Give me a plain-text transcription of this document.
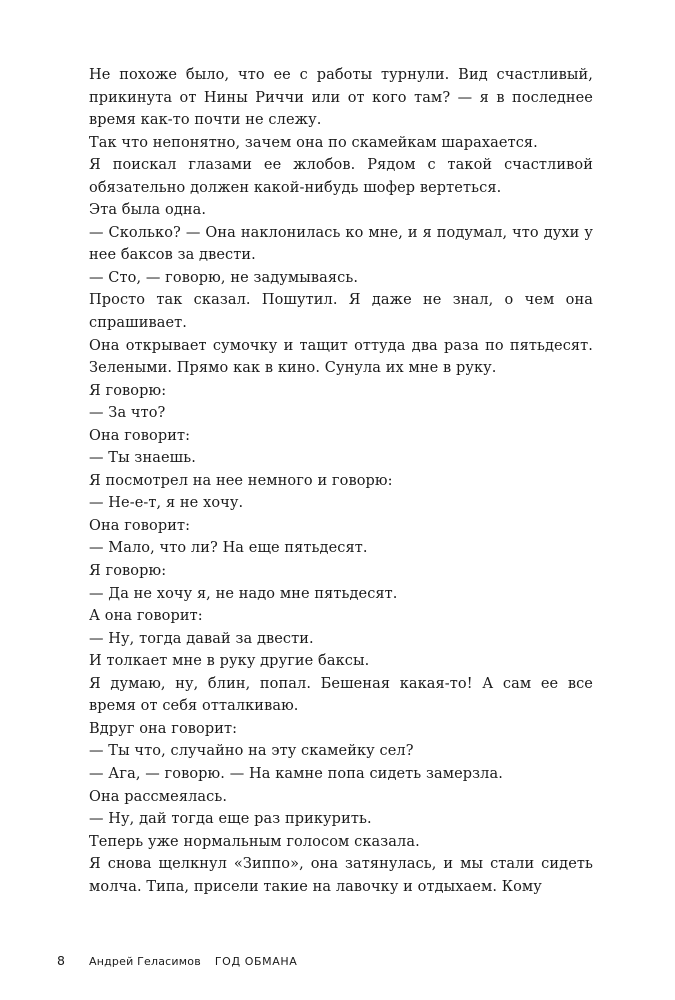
Не похоже было, что ее с работы турнули. Вид счастливый, прикинута от Нины Риччи или от кого там? — я в последнее время как-то почти не слежу.

Так что непонятно, зачем она по скамейкам шарахается.

Я поискал глазами ее жлобов. Рядом с такой счастливой обязательно должен какой-нибудь шофер вертеться.

Эта была одна.

— Сколько? — Она наклонилась ко мне, и я подумал, что духи у нее баксов за двести.

— Сто, — говорю, не задумываясь.

Просто так сказал. Пошутил. Я даже не знал, о чем она спрашивает.

Она открывает сумочку и тащит оттуда два раза по пятьдесят. Зелеными. Прямо как в кино. Сунула их мне в руку.

Я говорю:

— За что?

Она говорит:

— Ты знаешь.

Я посмотрел на нее немного и говорю:

— Не-е-т, я не хочу.

Она говорит:

— Мало, что ли? На еще пятьдесят.

Я говорю:

— Да не хочу я, не надо мне пятьдесят.

А она говорит:

— Ну, тогда давай за двести.

И толкает мне в руку другие баксы.

Я думаю, ну, блин, попал. Бешеная какая-то! А сам ее все время от себя отталкиваю.

Вдруг она говорит:

— Ты что, случайно на эту скамейку сел?

— Ага, — говорю. — На камне попа сидеть замерзла.

Она рассмеялась.

— Ну, дай тогда еще раз прикурить.

Теперь уже нормальным голосом сказала.

Я снова щелкнул «Зиппо», она затянулась, и мы стали сидеть молча. Типа, присели такие на лавочку и отдыхаем. Кому

8 Андрей Геласимов ГОД ОБМАНА
